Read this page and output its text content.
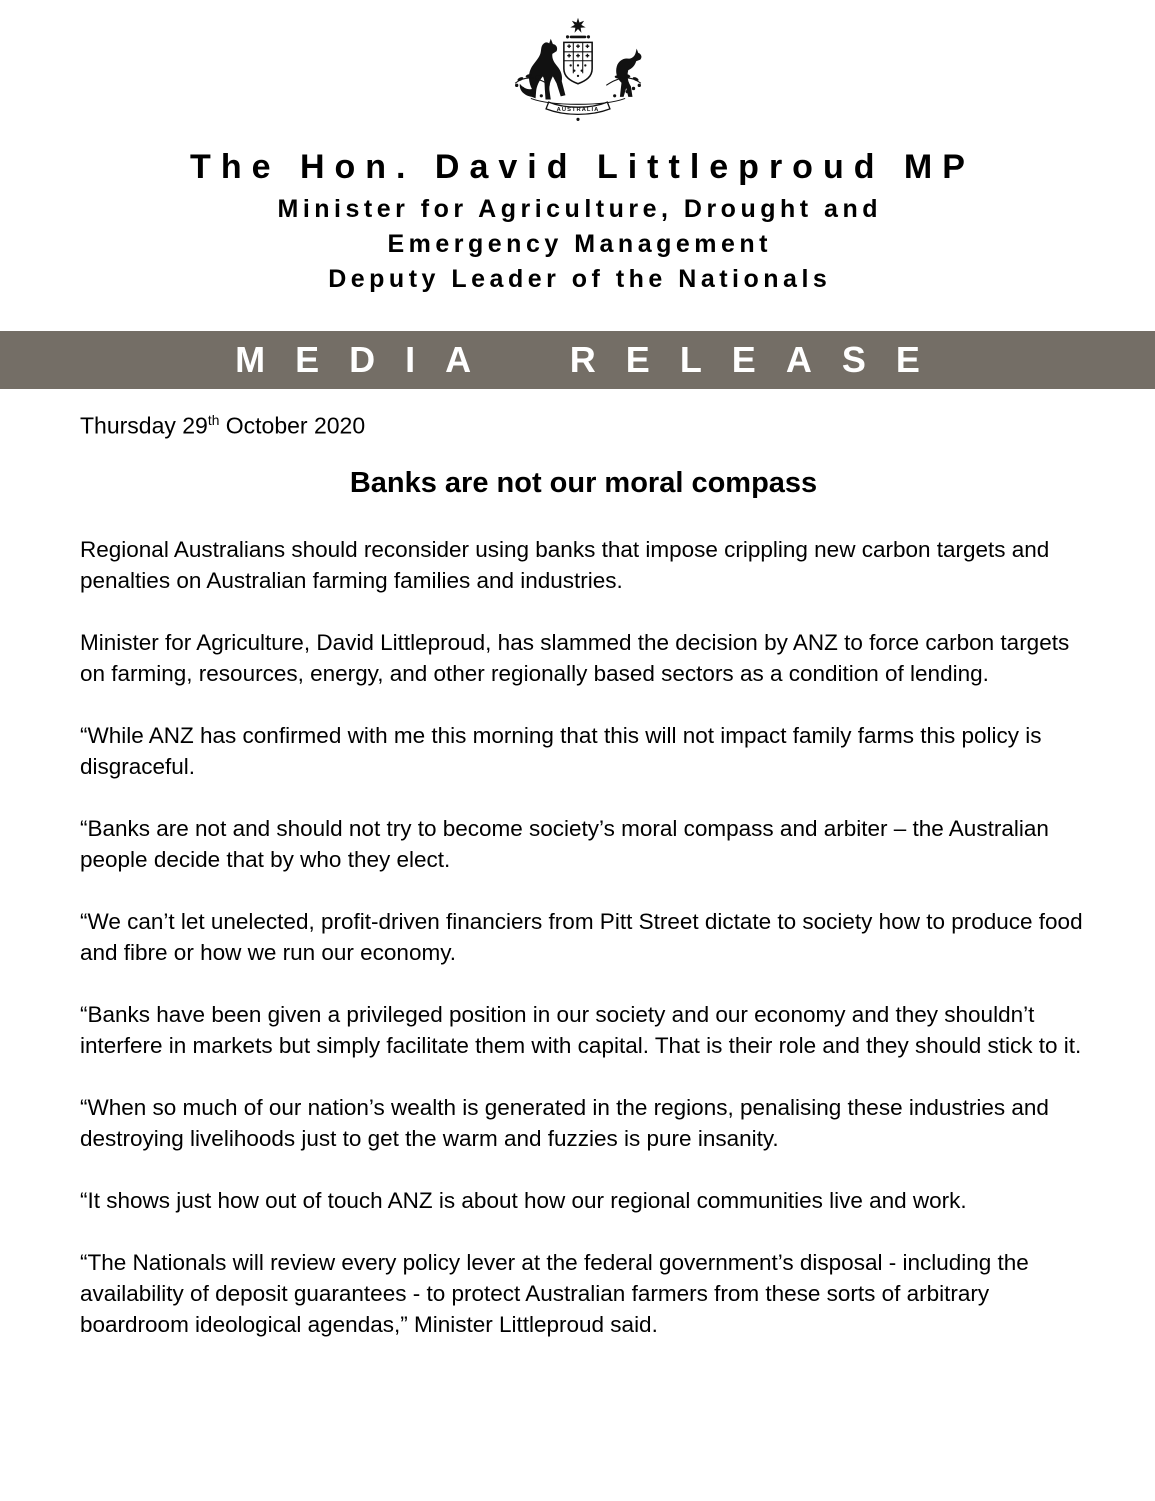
AUSTRALIA
The Hon. David Littleproud MP
Minister for Agriculture, Drought and
Emergency Management
Deputy Leader of the Nationals
MEDIA RELEASE

Thursday 29th October 2020

Banks are not our moral compass

Regional Australians should reconsider using banks that impose crippling new carbon targets and penalties on Australian farming families and industries.

Minister for Agriculture, David Littleproud, has slammed the decision by ANZ to force carbon targets on farming, resources, energy, and other regionally based sectors as a condition of lending.

“While ANZ has confirmed with me this morning that this will not impact family farms this policy is disgraceful.

“Banks are not and should not try to become society’s moral compass and arbiter – the Australian people decide that by who they elect.

“We can’t let unelected, profit-driven financiers from Pitt Street dictate to society how to produce food and fibre or how we run our economy.

“Banks have been given a privileged position in our society and our economy and they shouldn’t interfere in markets but simply facilitate them with capital. That is their role and they should stick to it.

“When so much of our nation’s wealth is generated in the regions, penalising these industries and destroying livelihoods just to get the warm and fuzzies is pure insanity.

“It shows just how out of touch ANZ is about how our regional communities live and work.

“The Nationals will review every policy lever at the federal government’s disposal - including the availability of deposit guarantees - to protect Australian farmers from these sorts of arbitrary boardroom ideological agendas,” Minister Littleproud said.
